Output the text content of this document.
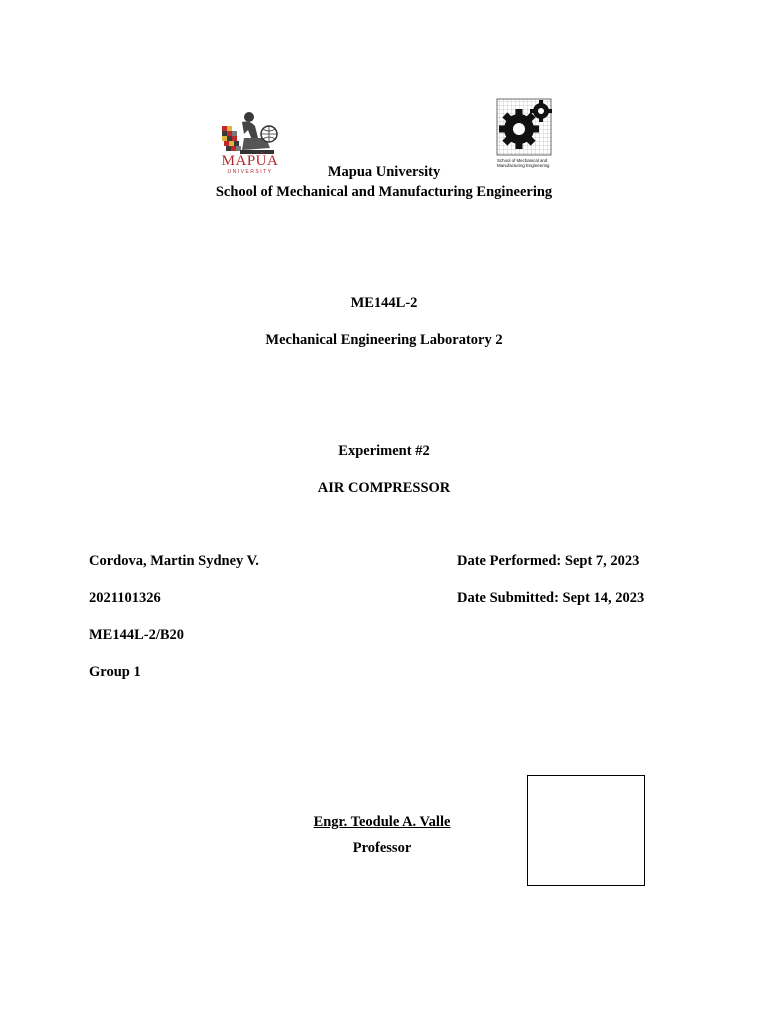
MAPÚA
UNIVERSITY
School of Mechanical and Manufacturing Engineering
Mapua University
School of Mechanical and Manufacturing Engineering
ME144L-2
Mechanical Engineering Laboratory 2
Experiment #2
AIR COMPRESSOR
Cordova, Martin Sydney V.
2021101326
ME144L-2/B20
Group 1
Date Performed: Sept 7, 2023
Date Submitted: Sept 14, 2023
Engr. Teodule A. Valle
Professor
